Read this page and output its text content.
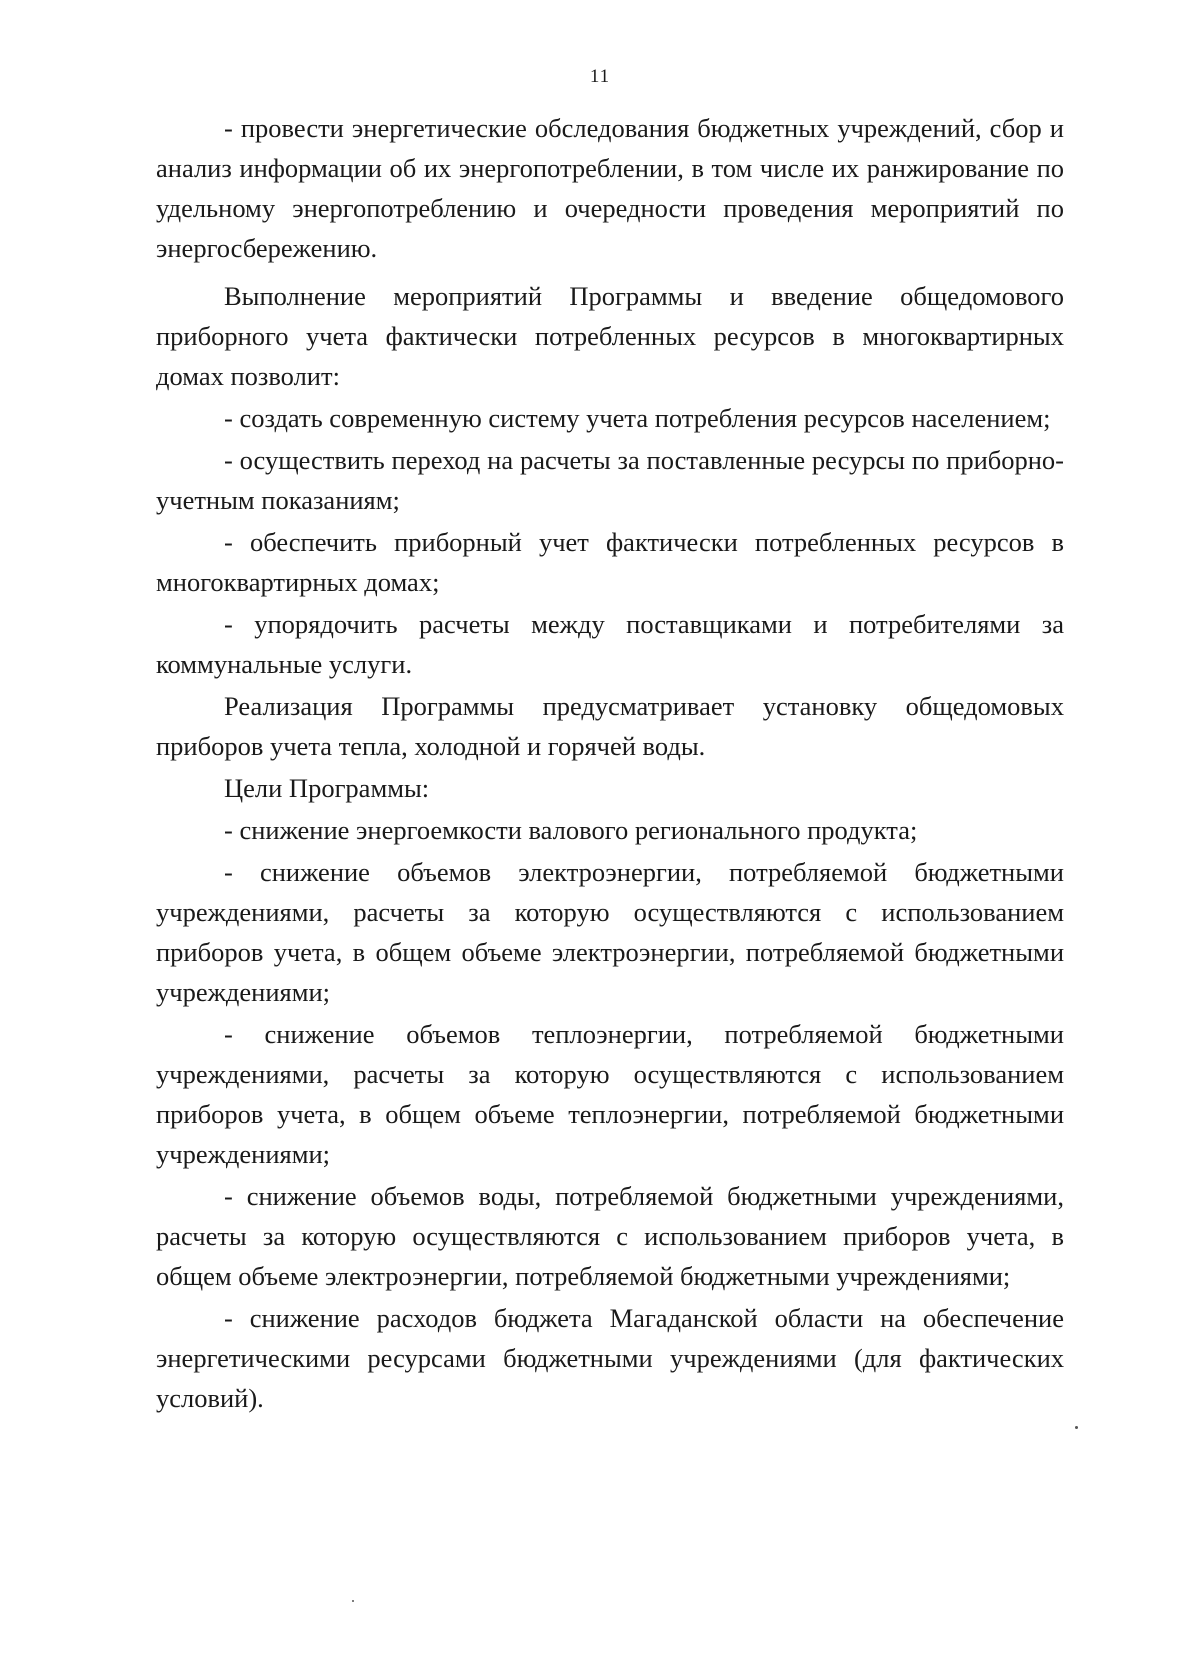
11

- провести энергетические обследования бюджетных учреждений, сбор и анализ информации об их энергопотреблении, в том числе их ранжирование по удельному энергопотреблению и очередности проведения мероприятий по энергосбережению.

Выполнение мероприятий Программы и введение общедомового приборного учета фактически потребленных ресурсов в многоквартирных домах позволит:

- создать современную систему учета потребления ресурсов населением;

- осуществить переход на расчеты за поставленные ресурсы по приборно-учетным показаниям;

- обеспечить приборный учет фактически потребленных ресурсов в многоквартирных домах;

- упорядочить расчеты между поставщиками и потребителями за коммунальные услуги.

Реализация Программы предусматривает установку общедомовых приборов учета тепла, холодной и горячей воды.

Цели Программы:

- снижение энергоемкости валового регионального продукта;

- снижение объемов электроэнергии, потребляемой бюджетными учреждениями, расчеты за которую осуществляются с использованием приборов учета, в общем объеме электроэнергии, потребляемой бюджетными учреждениями;

- снижение объемов теплоэнергии, потребляемой бюджетными учреждениями, расчеты за которую осуществляются с использованием приборов учета, в общем объеме теплоэнергии, потребляемой бюджетными учреждениями;

- снижение объемов воды, потребляемой бюджетными учреждениями, расчеты за которую осуществляются с использованием приборов учета, в общем объеме электроэнергии, потребляемой бюджетными учреждениями;

- снижение расходов бюджета Магаданской области на обеспечение энергетическими ресурсами бюджетными учреждениями (для фактических условий).
